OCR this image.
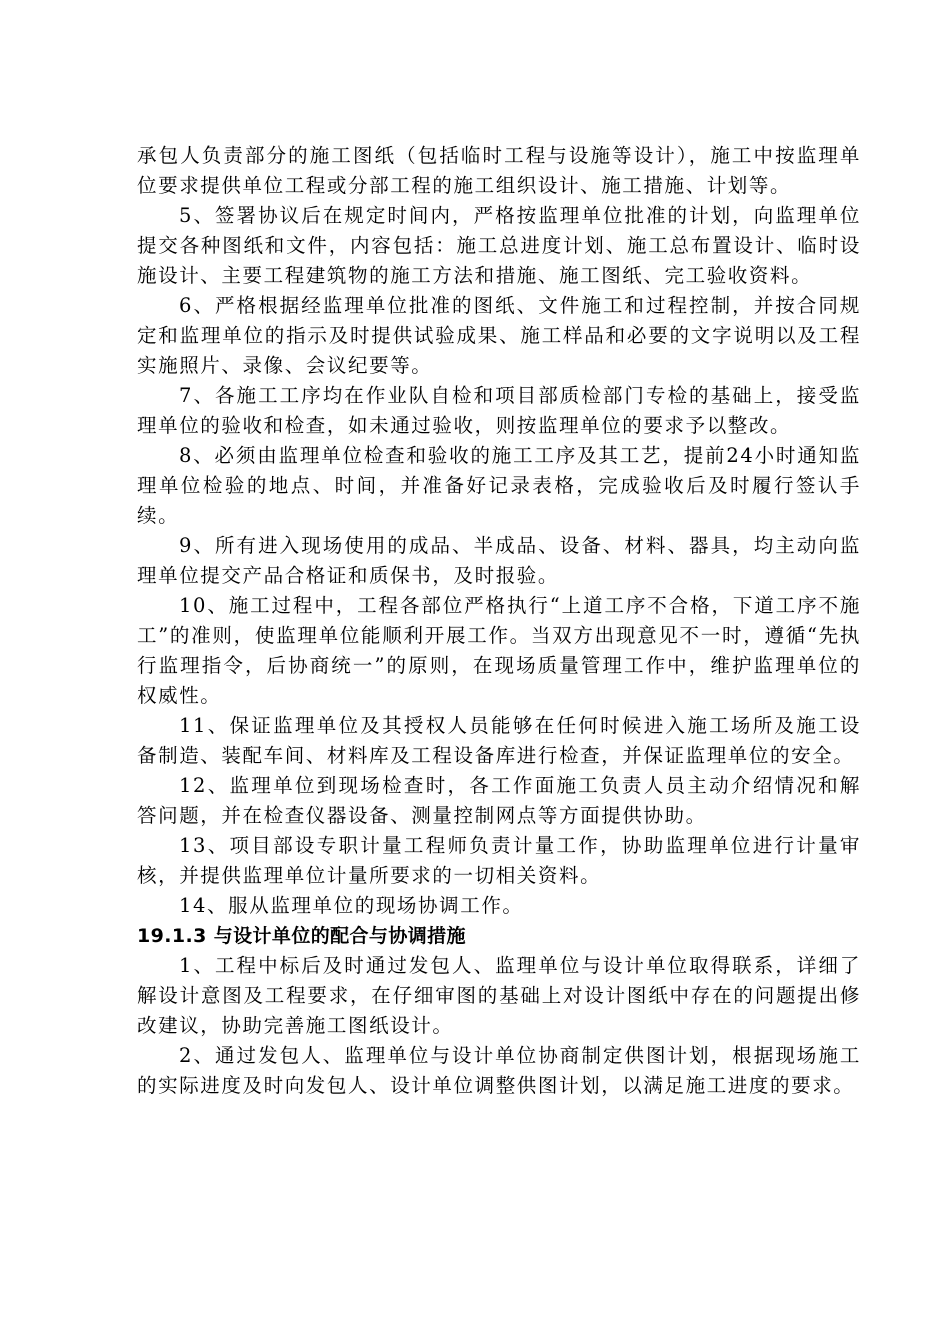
承包人负责部分的施工图纸（包括临时工程与设施等设计），施工中按监理单位要求提供单位工程或分部工程的施工组织设计、施工措施、计划等。

5、签署协议后在规定时间内，严格按监理单位批准的计划，向监理单位提交各种图纸和文件，内容包括：施工总进度计划、施工总布置设计、临时设施设计、主要工程建筑物的施工方法和措施、施工图纸、完工验收资料。

6、严格根据经监理单位批准的图纸、文件施工和过程控制，并按合同规定和监理单位的指示及时提供试验成果、施工样品和必要的文字说明以及工程实施照片、录像、会议纪要等。

7、各施工工序均在作业队自检和项目部质检部门专检的基础上，接受监理单位的验收和检查，如未通过验收，则按监理单位的要求予以整改。

8、必须由监理单位检查和验收的施工工序及其工艺，提前24小时通知监理单位检验的地点、时间，并准备好记录表格，完成验收后及时履行签认手续。

9、所有进入现场使用的成品、半成品、设备、材料、器具，均主动向监理单位提交产品合格证和质保书，及时报验。

10、施工过程中，工程各部位严格执行“上道工序不合格，下道工序不施工”的准则，使监理单位能顺利开展工作。当双方出现意见不一时，遵循“先执行监理指令，后协商统一”的原则，在现场质量管理工作中，维护监理单位的权威性。

11、保证监理单位及其授权人员能够在任何时候进入施工场所及施工设备制造、装配车间、材料库及工程设备库进行检查，并保证监理单位的安全。

12、监理单位到现场检查时，各工作面施工负责人员主动介绍情况和解答问题，并在检查仪器设备、测量控制网点等方面提供协助。

13、项目部设专职计量工程师负责计量工作，协助监理单位进行计量审核，并提供监理单位计量所要求的一切相关资料。

14、服从监理单位的现场协调工作。

19.1.3 与设计单位的配合与协调措施

1、工程中标后及时通过发包人、监理单位与设计单位取得联系，详细了解设计意图及工程要求，在仔细审图的基础上对设计图纸中存在的问题提出修改建议，协助完善施工图纸设计。

2、通过发包人、监理单位与设计单位协商制定供图计划，根据现场施工的实际进度及时向发包人、设计单位调整供图计划，以满足施工进度的要求。
